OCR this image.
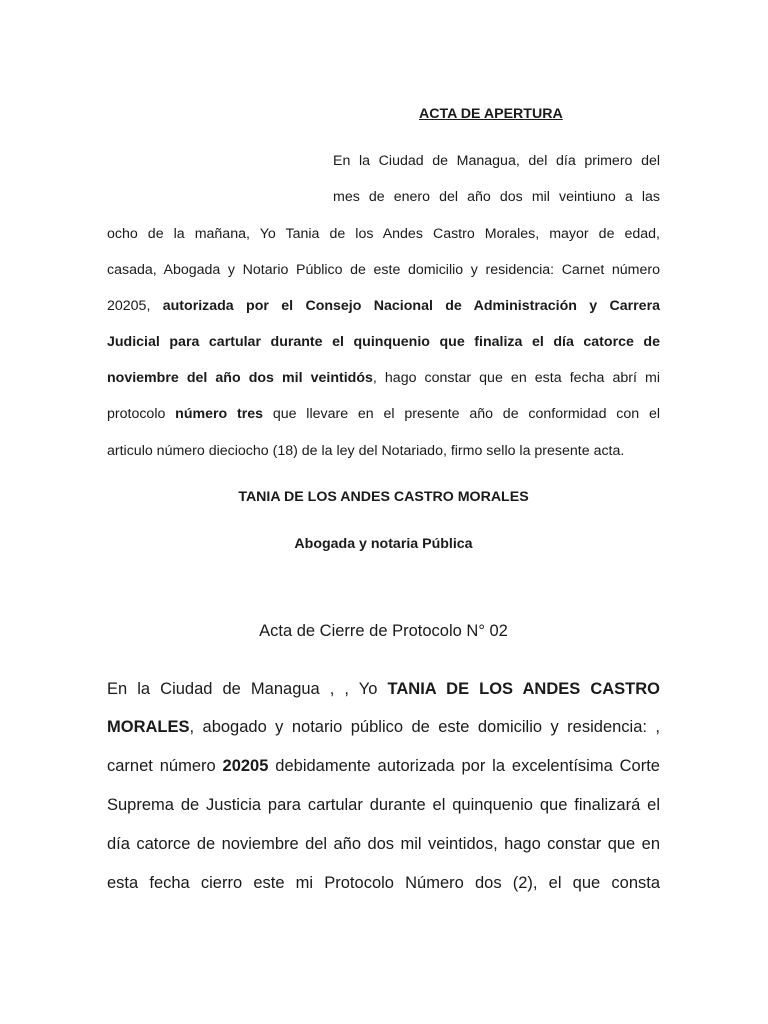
ACTA DE APERTURA
En la Ciudad de Managua, del día primero del
mes de enero del año dos mil veintiuno a las
ocho de la mañana, Yo Tania de los Andes Castro Morales, mayor de edad,
casada, Abogada y Notario Público de este domicilio y residencia: Carnet número
20205, autorizada por el Consejo Nacional de Administración y Carrera
Judicial para cartular durante el quinquenio que finaliza el día catorce de
noviembre del año dos mil veintidós, hago constar que en esta fecha abrí mi
protocolo número tres que llevare en el presente año de conformidad con el
articulo número dieciocho (18) de la ley del Notariado, firmo sello la presente acta.
TANIA DE LOS ANDES CASTRO MORALES
Abogada y notaria Pública
Acta de Cierre de Protocolo N° 02
En la Ciudad de Managua , , Yo TANIA DE LOS ANDES CASTRO
MORALES, abogado y notario público de este domicilio y residencia: ,
carnet número 20205 debidamente autorizada por la excelentísima Corte
Suprema de Justicia para cartular durante el quinquenio que finalizará el
día catorce de noviembre del año dos mil veintidos, hago constar que en
esta fecha cierro este mi Protocolo Número dos (2), el que consta
